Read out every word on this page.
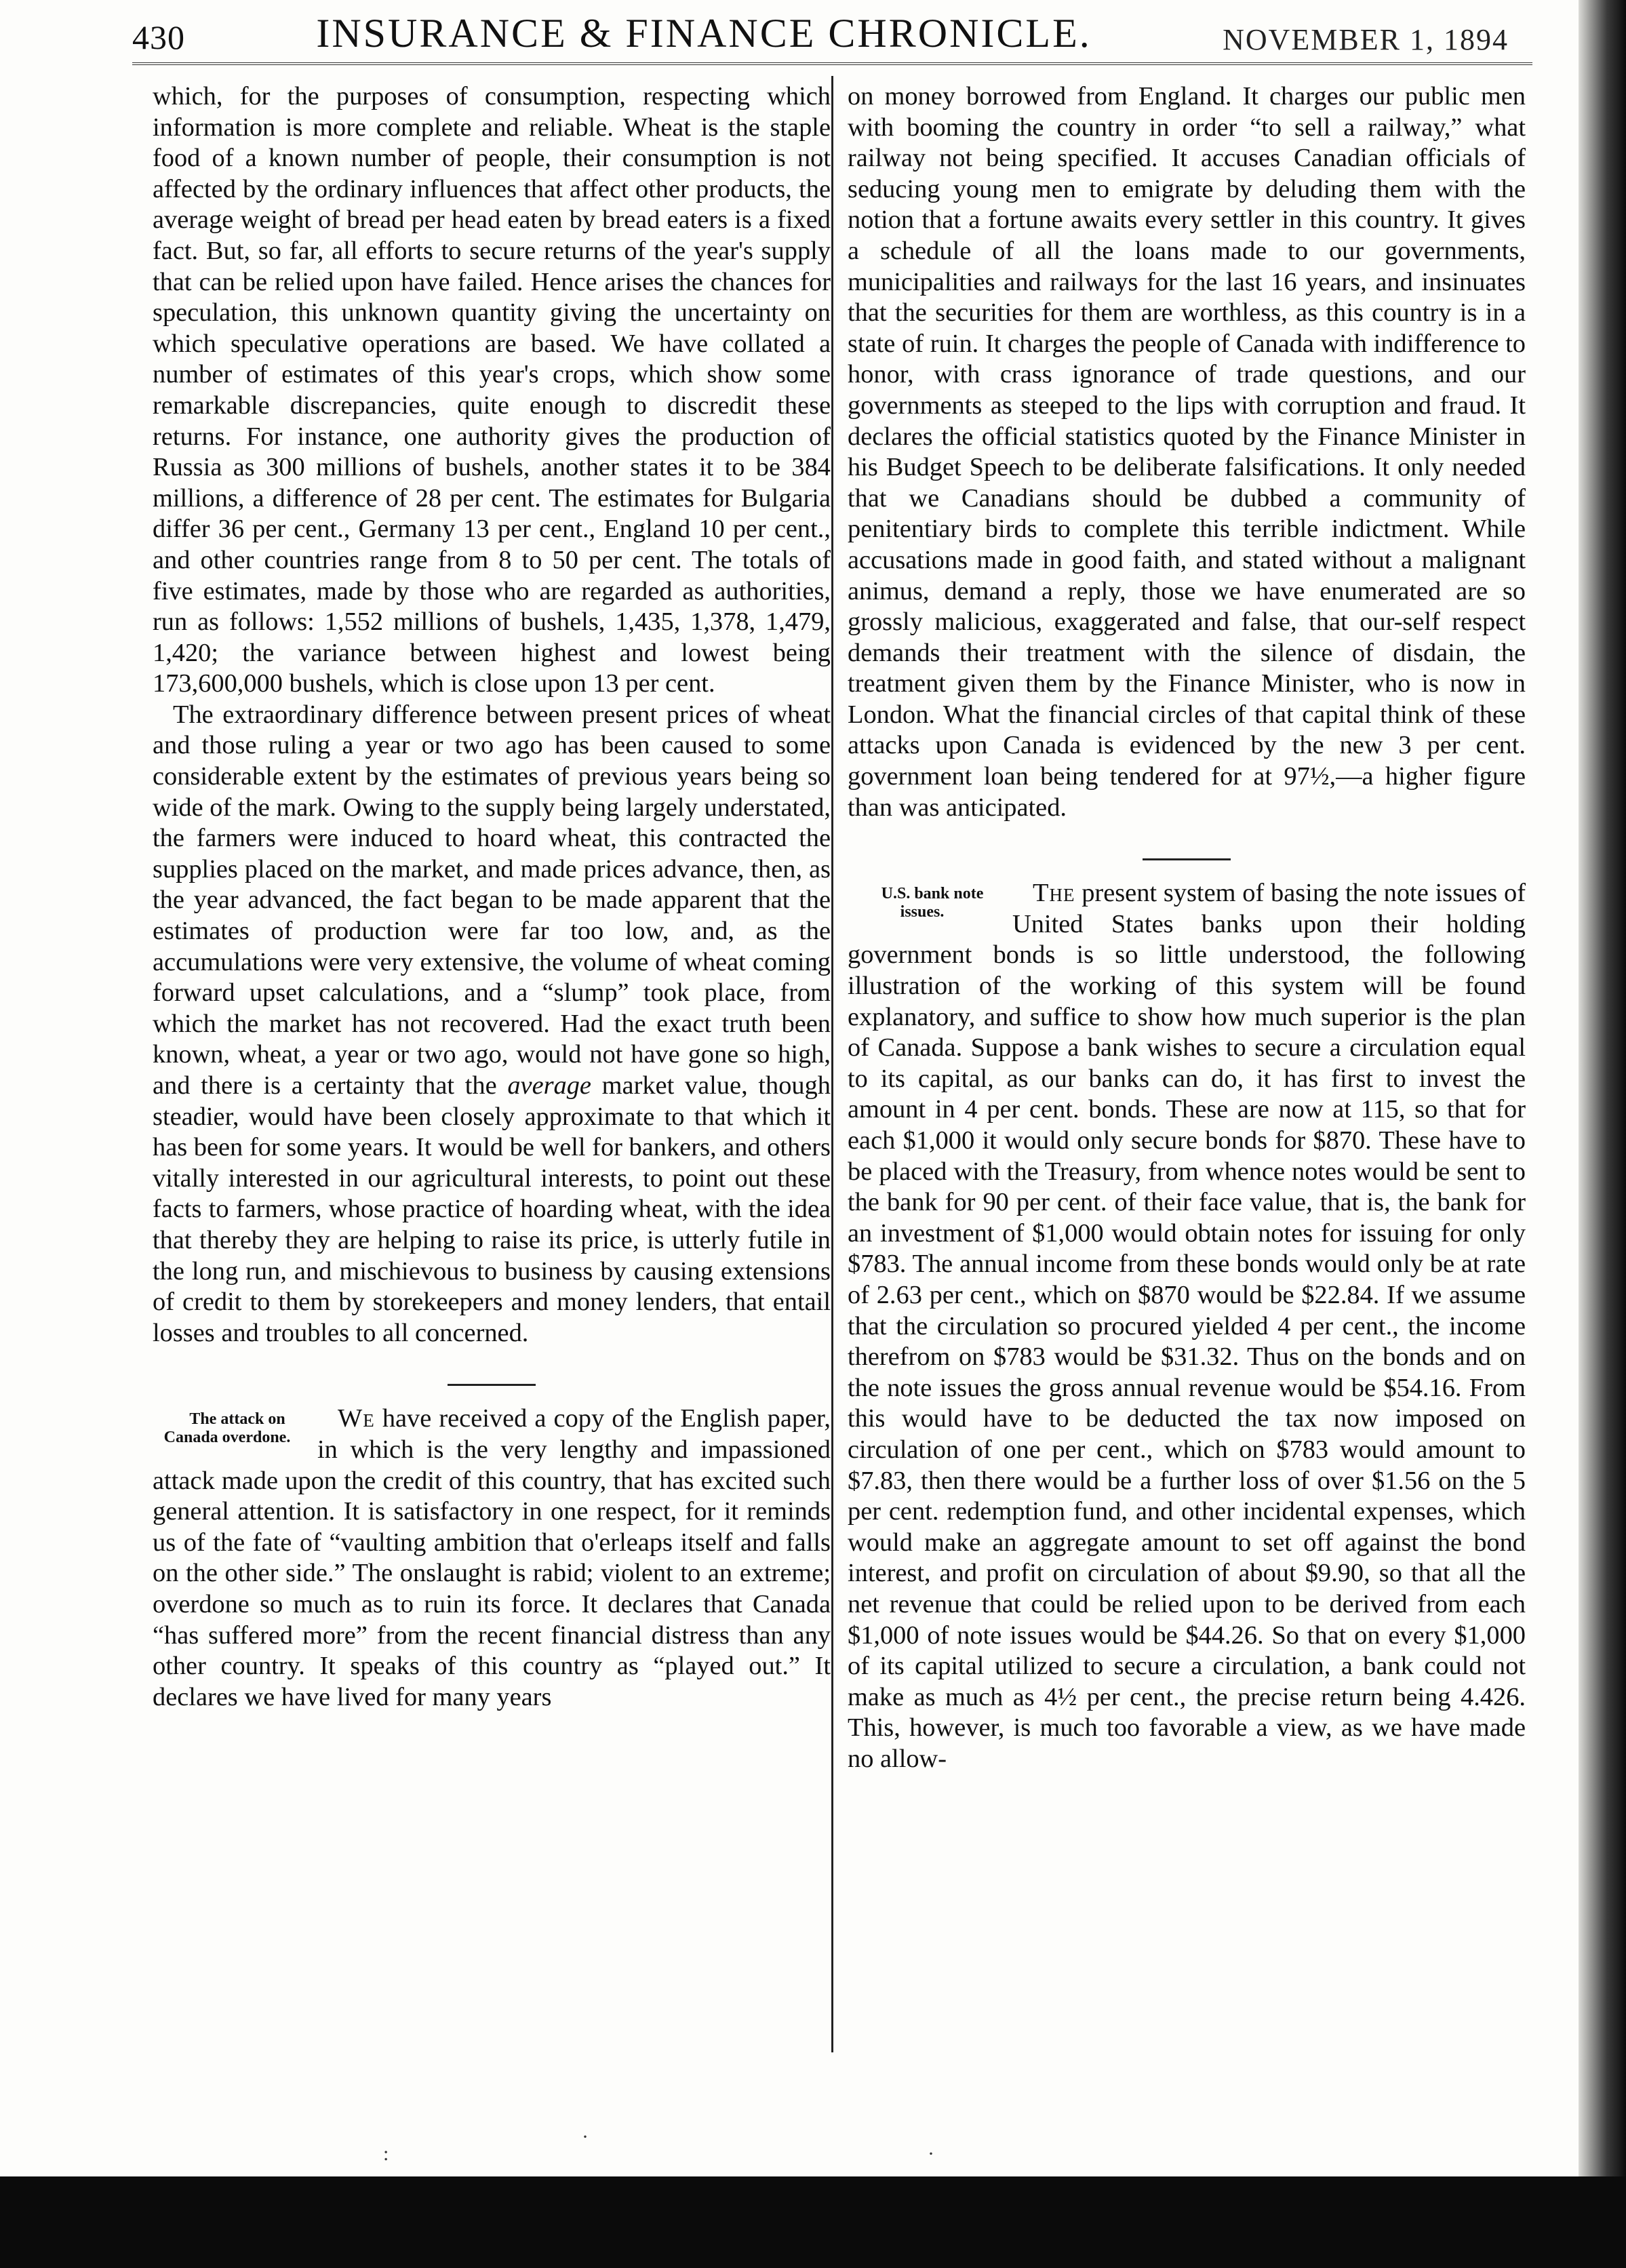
430	INSURANCE & FINANCE CHRONICLE.	NOVEMBER 1, 1894

which, for the purposes of consumption, respecting which information is more complete and reliable. Wheat is the staple food of a known number of people, their consumption is not affected by the ordinary influences that affect other products, the average weight of bread per head eaten by bread eaters is a fixed fact. But, so far, all efforts to secure returns of the year's supply that can be relied upon have failed. Hence arises the chances for speculation, this unknown quantity giving the uncertainty on which speculative operations are based. We have collated a number of estimates of this year's crops, which show some remarkable discrepancies, quite enough to discredit these returns. For instance, one authority gives the production of Russia as 300 millions of bushels, another states it to be 384 millions, a difference of 28 per cent. The estimates for Bulgaria differ 36 per cent., Germany 13 per cent., England 10 per cent., and other countries range from 8 to 50 per cent. The totals of five estimates, made by those who are regarded as authorities, run as follows: 1,552 millions of bushels, 1,435, 1,378, 1,479, 1,420; the variance between highest and lowest being 173,600,000 bushels, which is close upon 13 per cent.

The extraordinary difference between present prices of wheat and those ruling a year or two ago has been caused to some considerable extent by the estimates of previous years being so wide of the mark. Owing to the supply being largely understated, the farmers were induced to hoard wheat, this contracted the supplies placed on the market, and made prices advance, then, as the year advanced, the fact began to be made apparent that the estimates of production were far too low, and, as the accumulations were very extensive, the volume of wheat coming forward upset calculations, and a “slump” took place, from which the market has not recovered. Had the exact truth been known, wheat, a year or two ago, would not have gone so high, and there is a certainty that the average market value, though steadier, would have been closely approximate to that which it has been for some years. It would be well for bankers, and others vitally interested in our agricultural interests, to point out these facts to farmers, whose practice of hoarding wheat, with the idea that thereby they are helping to raise its price, is utterly futile in the long run, and mischievous to business by causing extensions of credit to them by storekeepers and money lenders, that entail losses and troubles to all concerned.

The attack on Canada overdone.
We have received a copy of the English paper, in which is the very lengthy and impassioned attack made upon the credit of this country, that has excited such general attention. It is satisfactory in one respect, for it reminds us of the fate of “vaulting ambition that o'erleaps itself and falls on the other side.” The onslaught is rabid; violent to an extreme; overdone so much as to ruin its force. It declares that Canada “has suffered more” from the recent financial distress than any other country. It speaks of this country as “played out.” It declares we have lived for many years

on money borrowed from England. It charges our public men with booming the country in order “to sell a railway,” what railway not being specified. It accuses Canadian officials of seducing young men to emigrate by deluding them with the notion that a fortune awaits every settler in this country. It gives a schedule of all the loans made to our governments, municipalities and railways for the last 16 years, and insinuates that the securities for them are worthless, as this country is in a state of ruin. It charges the people of Canada with indifference to honor, with crass ignorance of trade questions, and our governments as steeped to the lips with corruption and fraud. It declares the official statistics quoted by the Finance Minister in his Budget Speech to be deliberate falsifications. It only needed that we Canadians should be dubbed a community of penitentiary birds to complete this terrible indictment. While accusations made in good faith, and stated without a malignant animus, demand a reply, those we have enumerated are so grossly malicious, exaggerated and false, that our-self respect demands their treatment with the silence of disdain, the treatment given them by the Finance Minister, who is now in London. What the financial circles of that capital think of these attacks upon Canada is evidenced by the new 3 per cent. government loan being tendered for at 97½,—a higher figure than was anticipated.

U.S. bank note issues.
The present system of basing the note issues of United States banks upon their holding government bonds is so little understood, the following illustration of the working of this system will be found explanatory, and suffice to show how much superior is the plan of Canada. Suppose a bank wishes to secure a circulation equal to its capital, as our banks can do, it has first to invest the amount in 4 per cent. bonds. These are now at 115, so that for each $1,000 it would only secure bonds for $870. These have to be placed with the Treasury, from whence notes would be sent to the bank for 90 per cent. of their face value, that is, the bank for an investment of $1,000 would obtain notes for issuing for only $783. The annual income from these bonds would only be at rate of 2.63 per cent., which on $870 would be $22.84. If we assume that the circulation so procured yielded 4 per cent., the income therefrom on $783 would be $31.32. Thus on the bonds and on the note issues the gross annual revenue would be $54.16. From this would have to be deducted the tax now imposed on circulation of one per cent., which on $783 would amount to $7.83, then there would be a further loss of over $1.56 on the 5 per cent. redemption fund, and other incidental expenses, which would make an aggregate amount to set off against the bond interest, and profit on circulation of about $9.90, so that all the net revenue that could be relied upon to be derived from each $1,000 of note issues would be $44.26. So that on every $1,000 of its capital utilized to secure a circulation, a bank could not make as much as 4½ per cent., the precise return being 4.426. This, however, is much too favorable a view, as we have made no allow-

:
·
·
